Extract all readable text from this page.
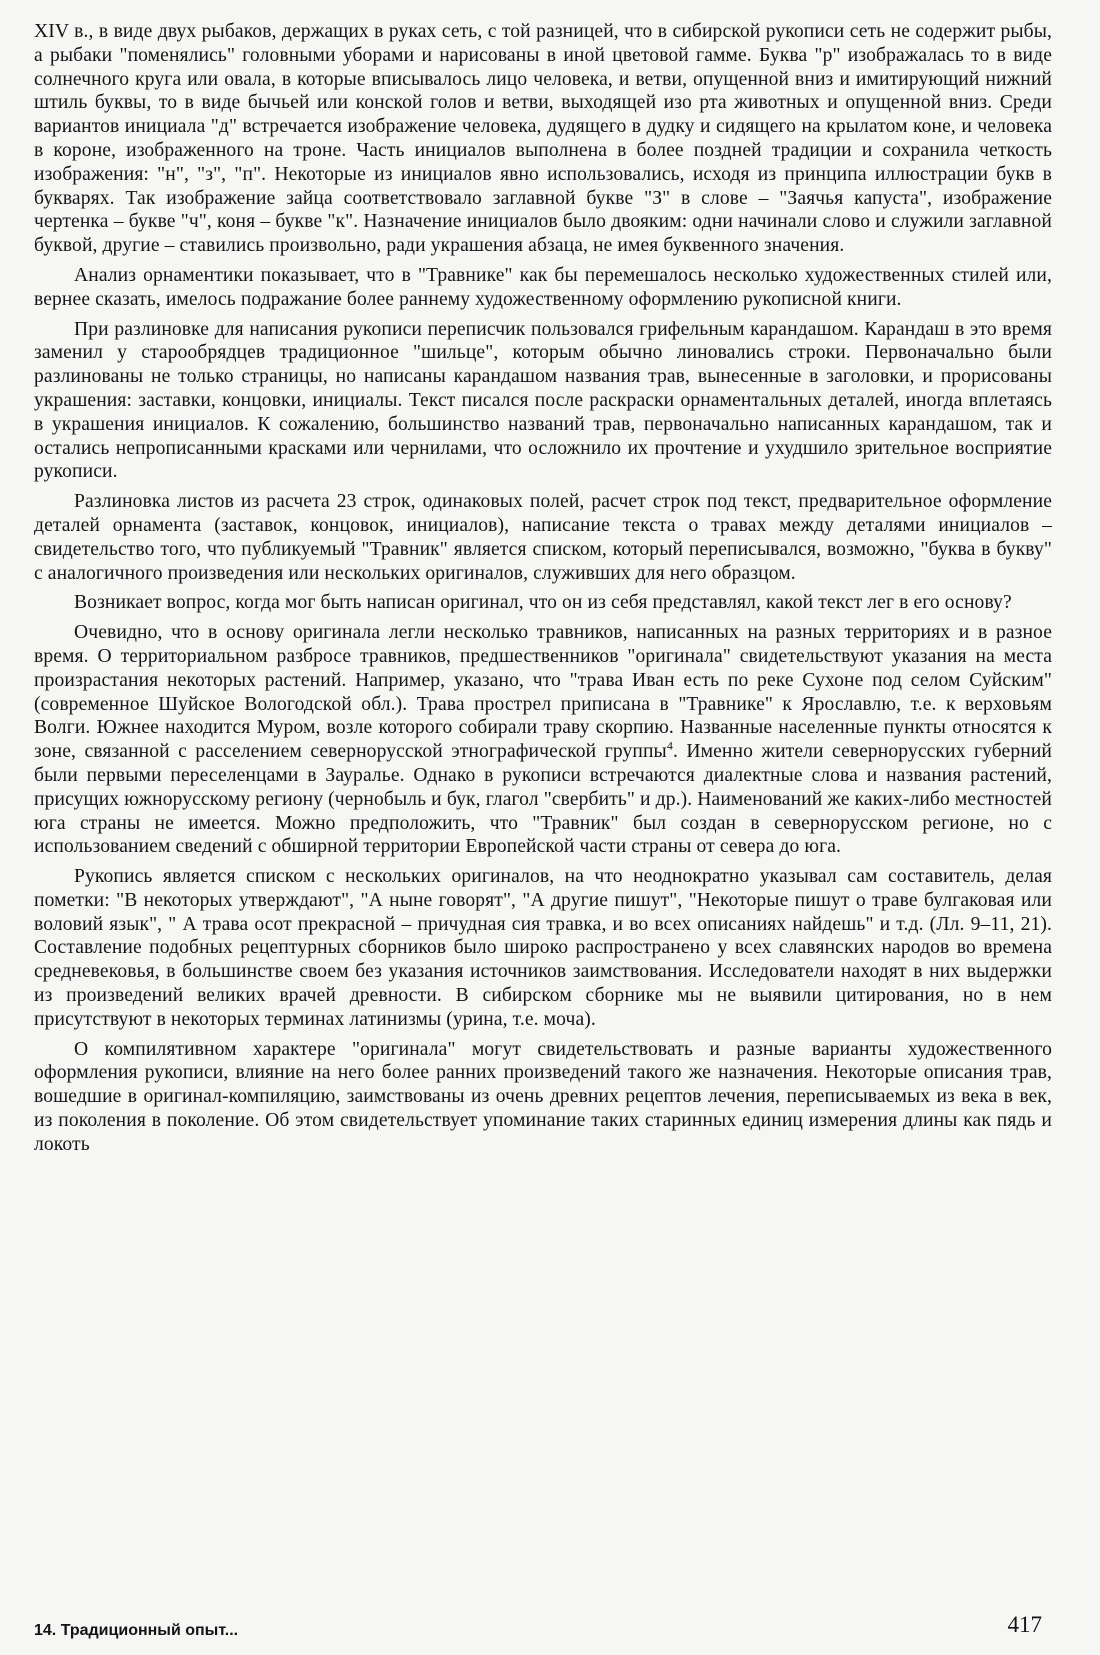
XIV в., в виде двух рыбаков, держащих в руках сеть, с той разницей, что в сибирской рукописи сеть не содержит рыбы, а рыбаки "поменялись" головными уборами и нарисованы в иной цветовой гамме. Буква "р" изображалась то в виде солнечного круга или овала, в которые вписывалось лицо человека, и ветви, опущенной вниз и имитирующий нижний штиль буквы, то в виде бычьей или конской голов и ветви, выходящей изо рта животных и опущенной вниз. Среди вариантов инициала "д" встречается изображение человека, дудящего в дудку и сидящего на крылатом коне, и человека в короне, изображенного на троне. Часть инициалов выполнена в более поздней традиции и сохранила четкость изображения: "н", "з", "п". Некоторые из инициалов явно использовались, исходя из принципа иллюстрации букв в букварях. Так изображение зайца соответствовало заглавной букве "З" в слове – "Заячья капуста", изображение чертенка – букве "ч", коня – букве "к". Назначение инициалов было двояким: одни начинали слово и служили заглавной буквой, другие – ставились произвольно, ради украшения абзаца, не имея буквенного значения.

Анализ орнаментики показывает, что в "Травнике" как бы перемешалось несколько художественных стилей или, вернее сказать, имелось подражание более раннему художественному оформлению рукописной книги.

При разлиновке для написания рукописи переписчик пользовался грифельным карандашом. Карандаш в это время заменил у старообрядцев традиционное "шильце", которым обычно линовались строки. Первоначально были разлинованы не только страницы, но написаны карандашом названия трав, вынесенные в заголовки, и прорисованы украшения: заставки, концовки, инициалы. Текст писался после раскраски орнаментальных деталей, иногда вплетаясь в украшения инициалов. К сожалению, большинство названий трав, первоначально написанных карандашом, так и остались непрописанными красками или чернилами, что осложнило их прочтение и ухудшило зрительное восприятие рукописи.

Разлиновка листов из расчета 23 строк, одинаковых полей, расчет строк под текст, предварительное оформление деталей орнамента (заставок, концовок, инициалов), написание текста о травах между деталями инициалов – свидетельство того, что публикуемый "Травник" является списком, который переписывался, возможно, "буква в букву" с аналогичного произведения или нескольких оригиналов, служивших для него образцом.

Возникает вопрос, когда мог быть написан оригинал, что он из себя представлял, какой текст лег в его основу?

Очевидно, что в основу оригинала легли несколько травников, написанных на разных территориях и в разное время. О территориальном разбросе травников, предшественников "оригинала" свидетельствуют указания на места произрастания некоторых растений. Например, указано, что "трава Иван есть по реке Сухоне под селом Суйским" (современное Шуйское Вологодской обл.). Трава прострел приписана в "Травнике" к Ярославлю, т.е. к верховьям Волги. Южнее находится Муром, возле которого собирали траву скорпию. Названные населенные пункты относятся к зоне, связанной с расселением севернорусской этнографической группы$^4$. Именно жители севернорусских губерний были первыми переселенцами в Зауралье. Однако в рукописи встречаются диалектные слова и названия растений, присущих южнорусскому региону (чернобыль и бук, глагол "свербить" и др.). Наименований же каких-либо местностей юга страны не имеется. Можно предположить, что "Травник" был создан в севернорусском регионе, но с использованием сведений с обширной территории Европейской части страны от севера до юга.

Рукопись является списком с нескольких оригиналов, на что неоднократно указывал сам составитель, делая пометки: "В некоторых утверждают", "А ныне говорят", "А другие пишут", "Некоторые пишут о траве булгаковая или воловий язык", " А трава осот прекрасной – причудная сия травка, и во всех описаниях найдешь" и т.д. (Лл. 9–11, 21). Составление подобных рецептурных сборников было широко распространено у всех славянских народов во времена средневековья, в большинстве своем без указания источников заимствования. Исследователи находят в них выдержки из произведений великих врачей древности. В сибирском сборнике мы не выявили цитирования, но в нем присутствуют в некоторых терминах латинизмы (урина, т.е. моча).

О компилятивном характере "оригинала" могут свидетельствовать и разные варианты художественного оформления рукописи, влияние на него более ранних произведений такого же назначения. Некоторые описания трав, вошедшие в оригинал-компиляцию, заимствованы из очень древних рецептов лечения, переписываемых из века в век, из поколения в поколение. Об этом свидетельствует упоминание таких старинных единиц измерения длины как пядь и локоть

14. Традиционный опыт...	417
